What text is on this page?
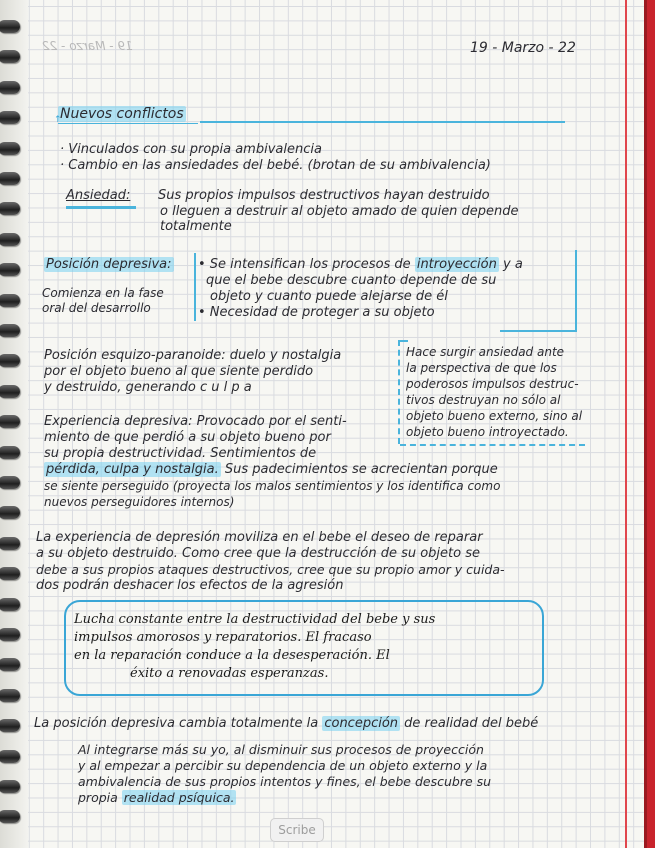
19 - Marzo - 22	19 - Marzo - 22
Nuevos conflictos
↑
· Vinculados con su propia ambivalencia
· Cambio en las ansiedades del bebé. (brotan de su ambivalencia)
Ansiedad: Sus propios impulsos destructivos hayan destruido
o lleguen a destruir al objeto amado de quien depende
totalmente
Posición depresiva: • Se intensifican los procesos de introyección y a
que el bebe descubre cuanto depende de su
objeto y cuanto puede alejarse de él
• Necesidad de proteger a su objeto
Comienza en la fase
oral del desarrollo
Hace surgir ansiedad ante
la perspectiva de que los
poderosos impulsos destruc-
tivos destruyan no sólo al
objeto bueno externo, sino al
objeto bueno introyectado.
Posición esquizo-paranoide: duelo y nostalgia
por el objeto bueno al que siente perdido
y destruido, generando c u l p a
Experiencia depresiva: Provocado por el senti-
miento de que perdió a su objeto bueno por
su propia destructividad. Sentimientos de
pérdida, culpa y nostalgia. Sus padecimientos se acrecientan porque
se siente perseguido (proyecta los malos sentimientos y los identifica como
nuevos perseguidores internos)
La experiencia de depresión moviliza en el bebe el deseo de reparar
a su objeto destruido. Como cree que la destrucción de su objeto se
debe a sus propios ataques destructivos, cree que su propio amor y cuida-
dos podrán deshacer los efectos de la agresión
Lucha constante entre la destructividad del bebe y sus
impulsos amorosos y reparatorios. El fracaso
en la reparación conduce a la desesperación. El
éxito a renovadas esperanzas.
La posición depresiva cambia totalmente la concepción de realidad del bebé
Al integrarse más su yo, al disminuir sus procesos de proyección
y al empezar a percibir su dependencia de un objeto externo y la
ambivalencia de sus propios intentos y fines, el bebe descubre su
propia realidad psíquica.
Scribe
